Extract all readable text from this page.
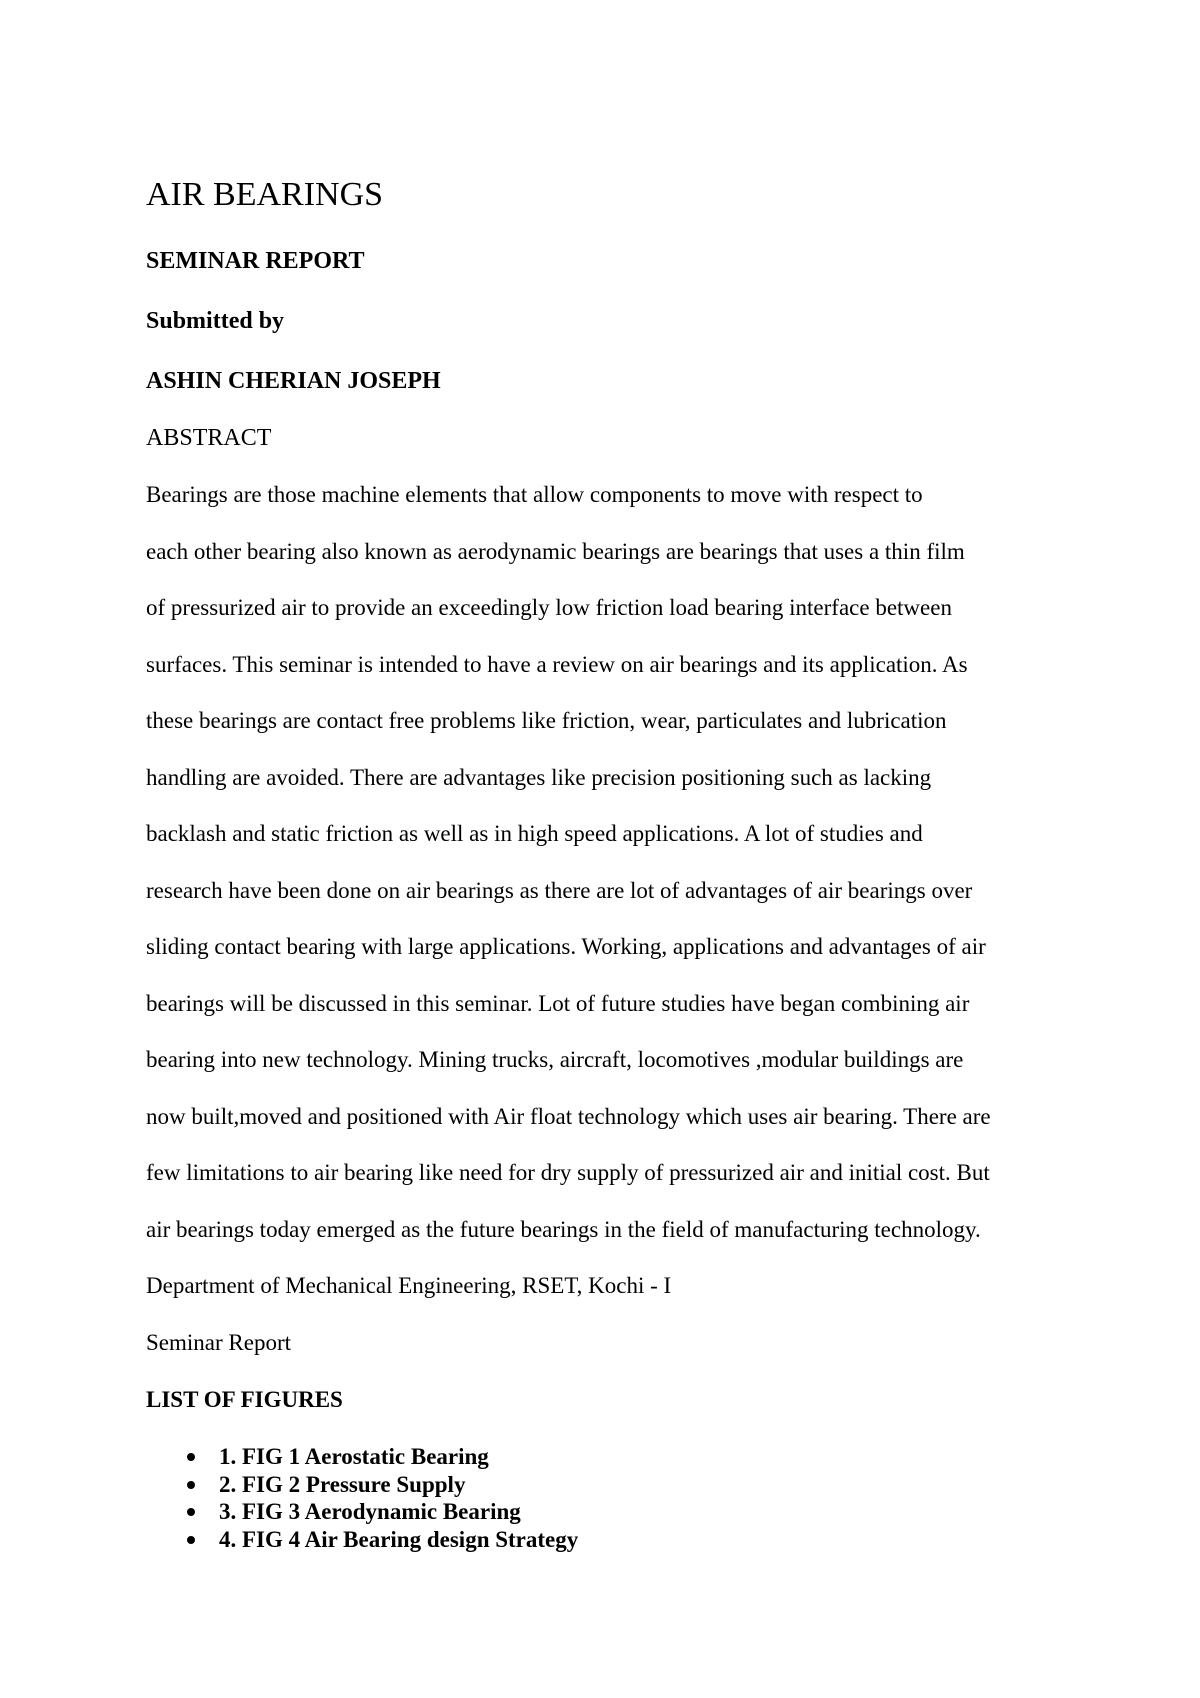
AIR BEARINGS
SEMINAR REPORT
Submitted by
ASHIN CHERIAN JOSEPH
ABSTRACT
Bearings are those machine elements that allow components to move with respect to
each other bearing also known as aerodynamic bearings are bearings that uses a thin film
of pressurized air to provide an exceedingly low friction load bearing interface between
surfaces. This seminar is intended to have a review on air bearings and its application. As
these bearings are contact free problems like friction, wear, particulates and lubrication
handling are avoided. There are advantages like precision positioning such as lacking
backlash and static friction as well as in high speed applications. A lot of studies and
research have been done on air bearings as there are lot of advantages of air bearings over
sliding contact bearing with large applications. Working, applications and advantages of air
bearings will be discussed in this seminar. Lot of future studies have began combining air
bearing into new technology. Mining trucks, aircraft, locomotives ,modular buildings are
now built,moved and positioned with Air float technology which uses air bearing. There are
few limitations to air bearing like need for dry supply of pressurized air and initial cost. But
air bearings today emerged as the future bearings in the field of manufacturing technology.
Department of Mechanical Engineering, RSET, Kochi - I
Seminar Report
LIST OF FIGURES
1. FIG 1 Aerostatic Bearing
2. FIG 2 Pressure Supply
3. FIG 3 Aerodynamic Bearing
4. FIG 4 Air Bearing design Strategy
